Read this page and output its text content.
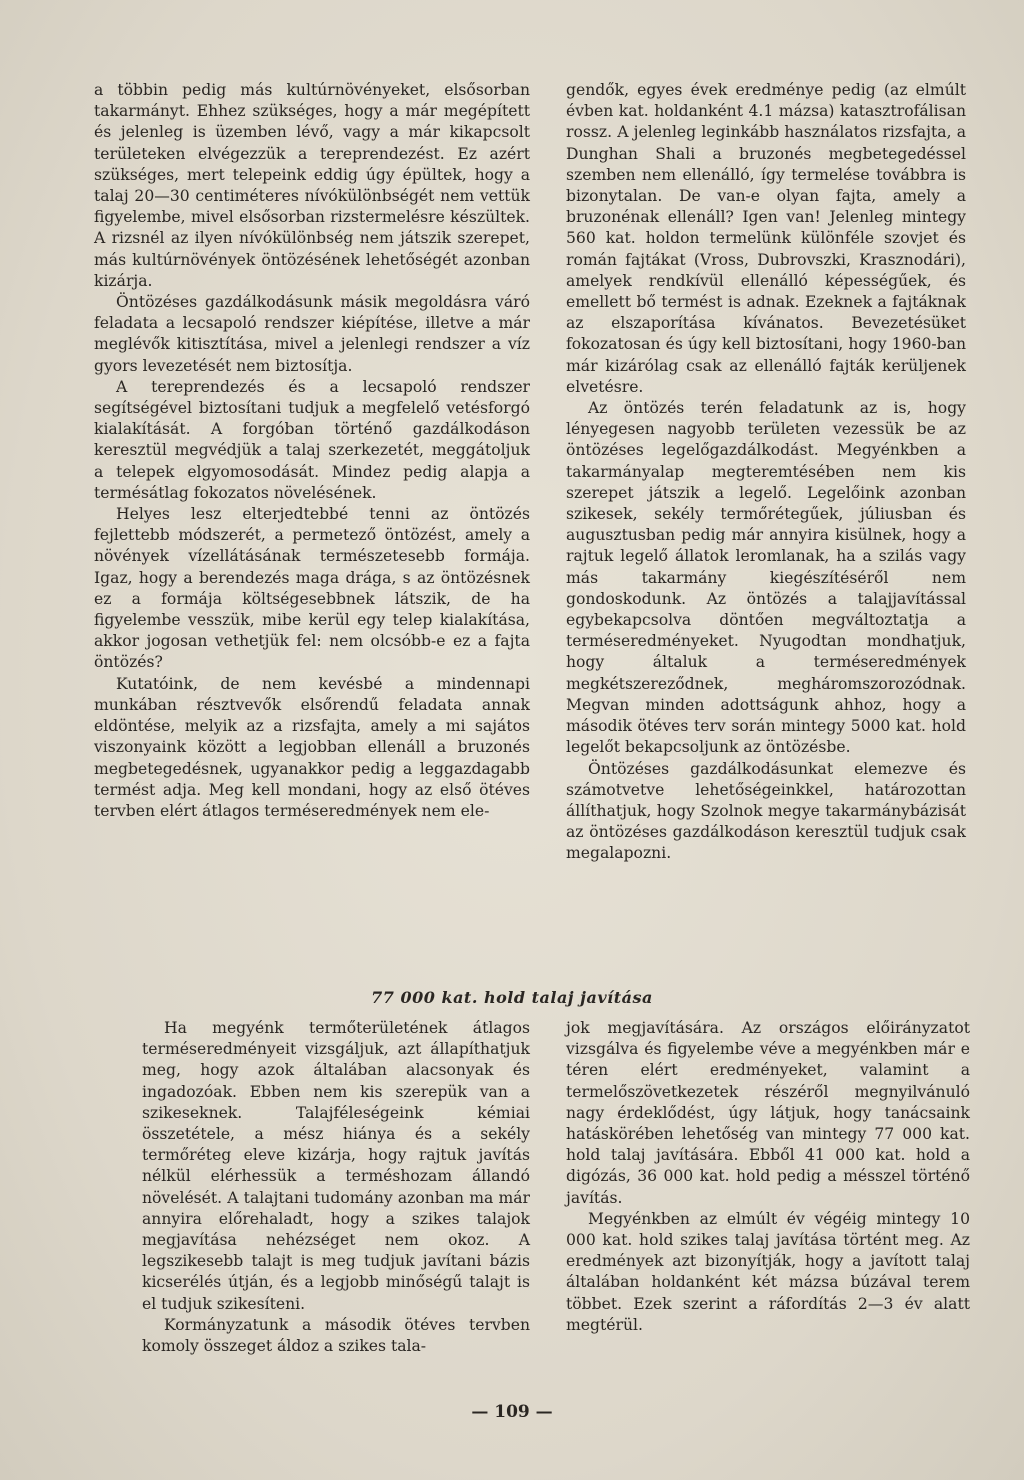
a többin pedig más kultúrnövényeket, elsősorban takarmányt. Ehhez szükséges, hogy a már megépített és jelenleg is üzemben lévő, vagy a már kikapcsolt területeken elvégezzük a tereprendezést. Ez azért szükséges, mert telepeink eddig úgy épültek, hogy a talaj 20—30 centiméteres nívókülönbségét nem vettük figyelembe, mivel elsősorban rizstermelésre készültek. A rizsnél az ilyen nívókülönbség nem játszik szerepet, más kultúrnövények öntözésének lehetőségét azonban kizárja.

Öntözéses gazdálkodásunk másik megoldásra váró feladata a lecsapoló rendszer kiépítése, illetve a már meglévők kitisztítása, mivel a jelenlegi rendszer a víz gyors levezetését nem biztosítja.

A tereprendezés és a lecsapoló rendszer segítségével biztosítani tudjuk a megfelelő vetésforgó kialakítását. A forgóban történő gazdálkodáson keresztül megvédjük a talaj szerkezetét, meggátoljuk a telepek elgyomosodását. Mindez pedig alapja a termésátlag fokozatos növelésének.

Helyes lesz elterjedtebbé tenni az öntözés fejlettebb módszerét, a permetező öntözést, amely a növények vízellátásának természetesebb formája. Igaz, hogy a berendezés maga drága, s az öntözésnek ez a formája költségesebbnek látszik, de ha figyelembe vesszük, mibe kerül egy telep kialakítása, akkor jogosan vethetjük fel: nem olcsóbb-e ez a fajta öntözés?

Kutatóink, de nem kevésbé a mindennapi munkában résztvevők elsőrendű feladata annak eldöntése, melyik az a rizsfajta, amely a mi sajátos viszonyaink között a legjobban ellenáll a bruzonés megbetegedésnek, ugyanakkor pedig a leggazdagabb termést adja. Meg kell mondani, hogy az első ötéves tervben elért átlagos terméseredmények nem ele-

gendők, egyes évek eredménye pedig (az elmúlt évben kat. holdanként 4.1 mázsa) katasztrofálisan rossz. A jelenleg leginkább használatos rizsfajta, a Dunghan Shali a bruzonés megbetegedéssel szemben nem ellenálló, így termelése továbbra is bizonytalan. De van-e olyan fajta, amely a bruzonénak ellenáll? Igen van! Jelenleg mintegy 560 kat. holdon termelünk különféle szovjet és román fajtákat (Vross, Dubrovszki, Krasznodári), amelyek rendkívül ellenálló képességűek, és emellett bő termést is adnak. Ezeknek a fajtáknak az elszaporítása kívánatos. Bevezetésüket fokozatosan és úgy kell biztosítani, hogy 1960-ban már kizárólag csak az ellenálló fajták kerüljenek elvetésre.

Az öntözés terén feladatunk az is, hogy lényegesen nagyobb területen vezessük be az öntözéses legelőgazdálkodást. Megyénkben a takarmányalap megteremtésében nem kis szerepet játszik a legelő. Legelőink azonban szikesek, sekély termőrétegűek, júliusban és augusztusban pedig már annyira kisülnek, hogy a rajtuk legelő állatok leromlanak, ha a szilás vagy más takarmány kiegészítéséről nem gondoskodunk. Az öntözés a talajjavítással egybekapcsolva döntően megváltoztatja a terméseredményeket. Nyugodtan mondhatjuk, hogy általuk a terméseredmények megkétszereződnek, megháromszorozódnak. Megvan minden adottságunk ahhoz, hogy a második ötéves terv során mintegy 5000 kat. hold legelőt bekapcsoljunk az öntözésbe.

Öntözéses gazdálkodásunkat elemezve és számotvetve lehetőségeinkkel, határozottan állíthatjuk, hogy Szolnok megye takarmánybázisát az öntözéses gazdálkodáson keresztül tudjuk csak megalapozni.

77 000 kat. hold talaj javítása

Ha megyénk termőterületének átlagos terméseredményeit vizsgáljuk, azt állapíthatjuk meg, hogy azok általában alacsonyak és ingadozóak. Ebben nem kis szerepük van a szikeseknek. Talajféleségeink kémiai összetétele, a mész hiánya és a sekély termőréteg eleve kizárja, hogy rajtuk javítás nélkül elérhessük a terméshozam állandó növelését. A talajtani tudomány azonban ma már annyira előrehaladt, hogy a szikes talajok megjavítása nehézséget nem okoz. A legszikesebb talajt is meg tudjuk javítani bázis kicserélés útján, és a legjobb minőségű talajt is el tudjuk szikesíteni.

Kormányzatunk a második ötéves tervben komoly összeget áldoz a szikes tala-

jok megjavítására. Az országos előirányzatot vizsgálva és figyelembe véve a megyénkben már e téren elért eredményeket, valamint a termelőszövetkezetek részéről megnyilvánuló nagy érdeklődést, úgy látjuk, hogy tanácsaink hatáskörében lehetőség van mintegy 77 000 kat. hold talaj javítására. Ebből 41 000 kat. hold a digózás, 36 000 kat. hold pedig a mésszel történő javítás.

Megyénkben az elmúlt év végéig mintegy 10 000 kat. hold szikes talaj javítása történt meg. Az eredmények azt bizonyítják, hogy a javított talaj általában holdanként két mázsa búzával terem többet. Ezek szerint a ráfordítás 2—3 év alatt megtérül.

— 109 —
